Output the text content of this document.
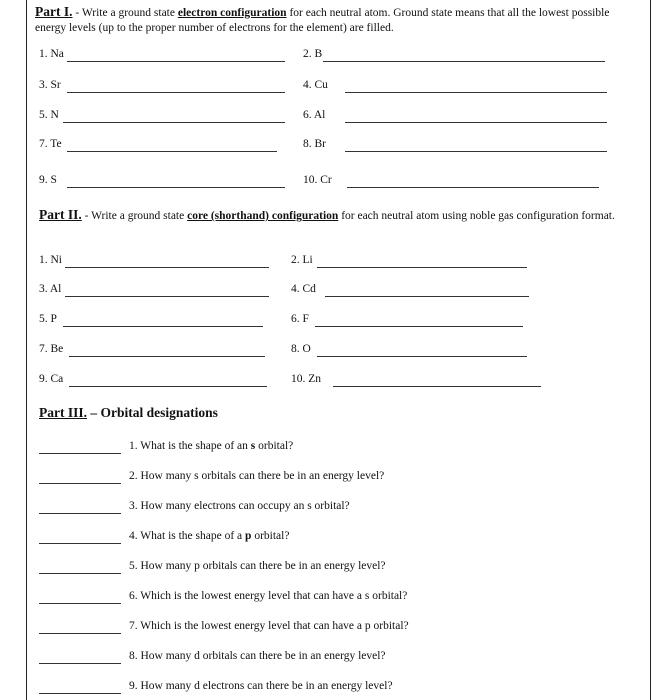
Part I. - Write a ground state electron configuration for each neutral atom. Ground state means that all the lowest possible energy levels (up to the proper number of electrons for the element) are filled.
1. Na	2. B
3. Sr	4. Cu
5. N	6. Al
7. Te	8. Br
9. S	10. Cr
Part II. - Write a ground state core (shorthand) configuration for each neutral atom using noble gas configuration format.
1. Ni	2. Li
3. Al	4. Cd
5. P	6. F
7. Be	8. O
9. Ca	10. Zn
Part III. – Orbital designations
1. What is the shape of an s orbital?
2. How many s orbitals can there be in an energy level?
3. How many electrons can occupy an s orbital?
4. What is the shape of a p orbital?
5. How many p orbitals can there be in an energy level?
6. Which is the lowest energy level that can have a s orbital?
7. Which is the lowest energy level that can have a p orbital?
8. How many d orbitals can there be in an energy level?
9. How many d electrons can there be in an energy level?
